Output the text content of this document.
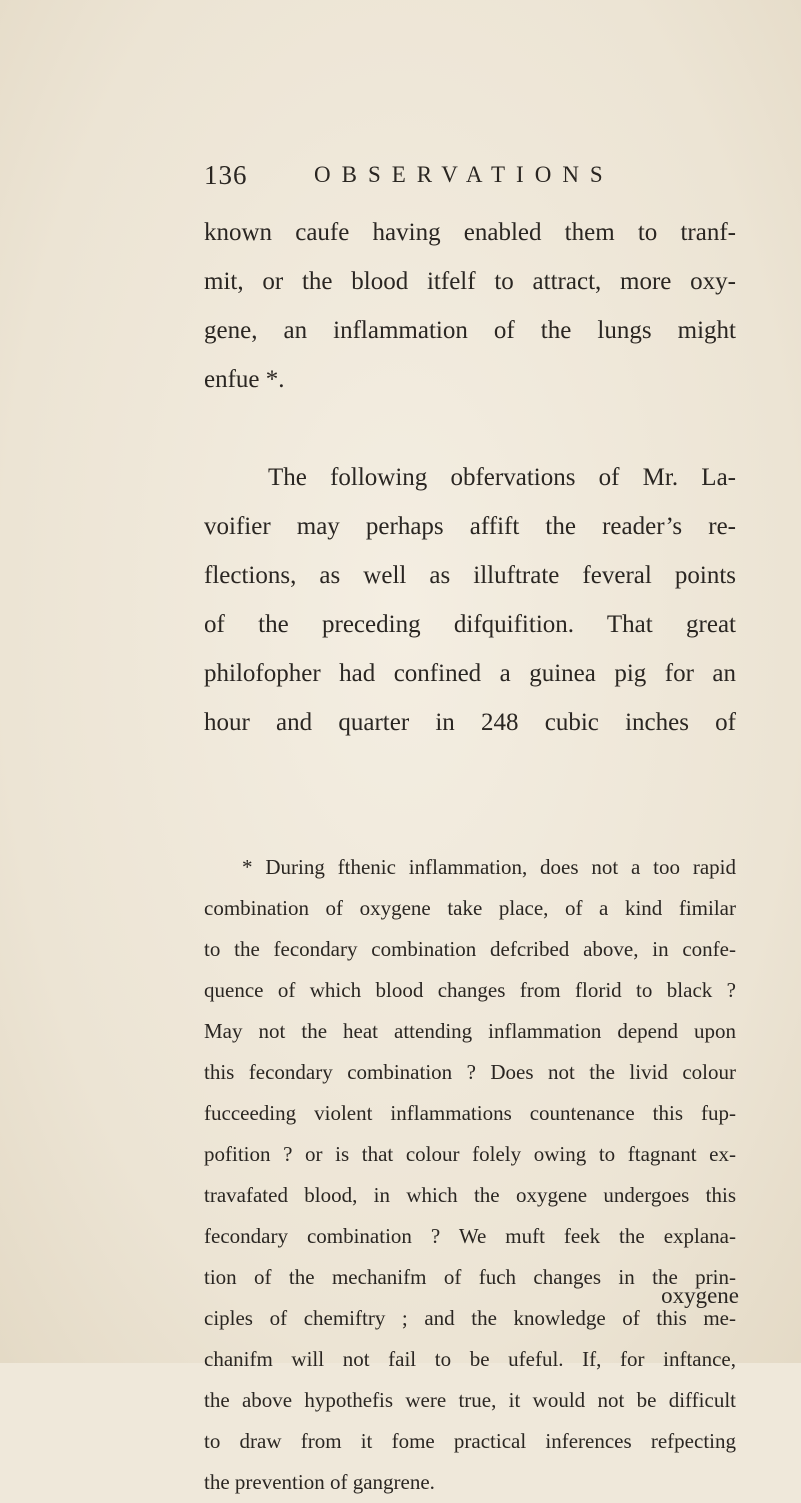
136	OBSERVATIONS
known caufe having enabled them to tranf-
mit, or the blood itfelf to attract, more oxy-
gene, an inflammation of the lungs might
enfue *.
The following obfervations of Mr. La-
voifier may perhaps affift the reader’s re-
flections, as well as illuftrate feveral points
of the preceding difquifition. That great
philofopher had confined a guinea pig for an
hour and quarter in 248 cubic inches of
* During fthenic inflammation, does not a too rapid
combination of oxygene take place, of a kind fimilar
to the fecondary combination defcribed above, in confe-
quence of which blood changes from florid to black ?
May not the heat attending inflammation depend upon
this fecondary combination ? Does not the livid colour
fucceeding violent inflammations countenance this fup-
pofition ? or is that colour folely owing to ftagnant ex-
travafated blood, in which the oxygene undergoes this
fecondary combination ? We muft feek the explana-
tion of the mechanifm of fuch changes in the prin-
ciples of chemiftry ; and the knowledge of this me-
chanifm will not fail to be ufeful. If, for inftance,
the above hypothefis were true, it would not be difficult
to draw from it fome practical inferences refpecting
the prevention of gangrene.
oxygene
